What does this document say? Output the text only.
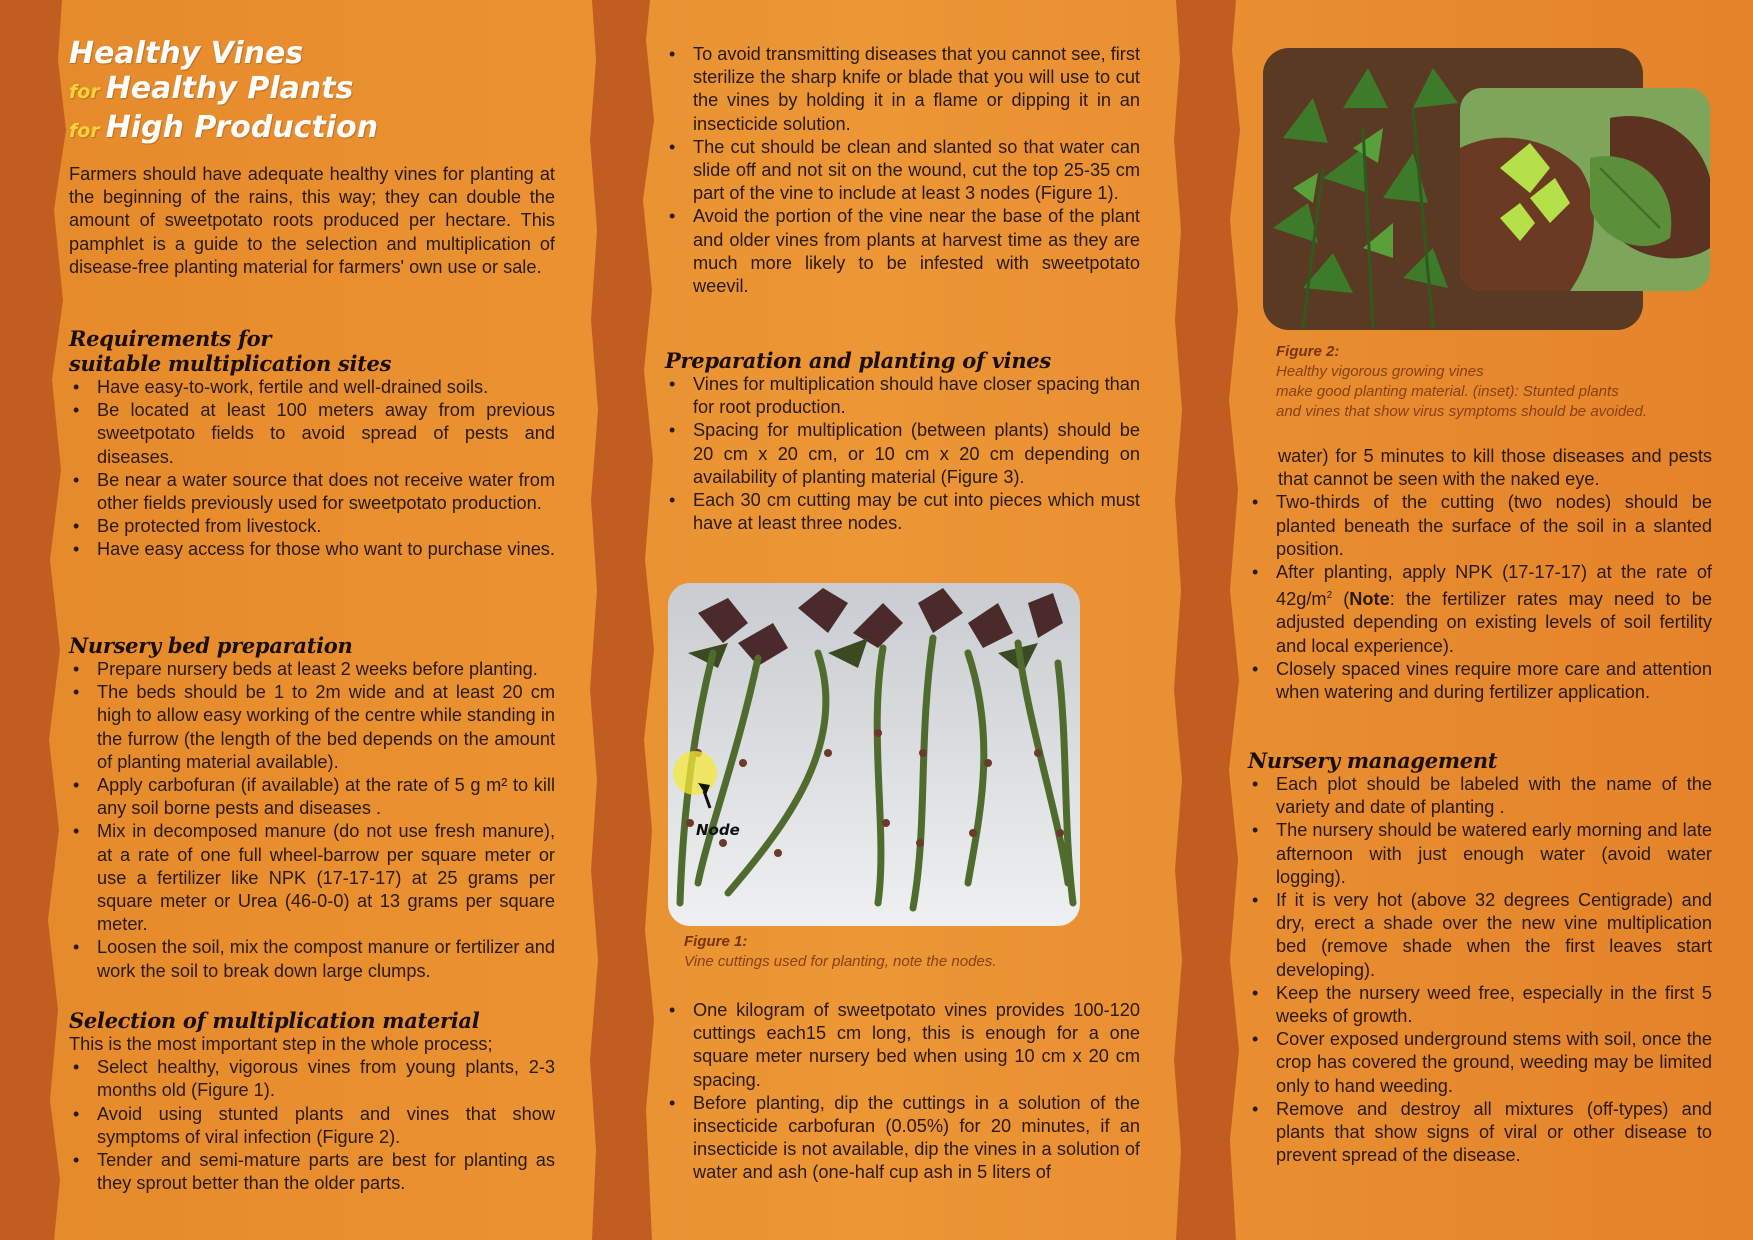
Healthy Vines
for Healthy Plants
for High Production

Farmers should have adequate healthy vines for planting at the beginning of the rains, this way; they can double the amount of sweetpotato roots produced per hectare. This pamphlet is a guide to the selection and multiplication of disease-free planting material for farmers' own use or sale.

Requirements for
suitable multiplication sites
• Have easy-to-work, fertile and well-drained soils.
• Be located at least 100 meters away from previous sweetpotato fields to avoid spread of pests and diseases.
• Be near a water source that does not receive water from other fields previously used for sweetpotato production.
• Be protected from livestock.
• Have easy access for those who want to purchase vines.
Nursery bed preparation
• Prepare nursery beds at least 2 weeks before planting.
• The beds should be 1 to 2m wide and at least 20 cm high to allow easy working of the centre while standing in the furrow (the length of the bed depends on the amount of planting material available).
• Apply carbofuran (if available) at the rate of 5 g m² to kill any soil borne pests and diseases .
• Mix in decomposed manure (do not use fresh manure), at a rate of one full wheel-barrow per square meter or use a fertilizer like NPK (17-17-17) at 25 grams per square meter or Urea (46-0-0) at 13 grams per square meter.
• Loosen the soil, mix the compost manure or fertilizer and work the soil to break down large clumps.
Selection of multiplication material

This is the most important step in the whole process;

• Select healthy, vigorous vines from young plants, 2-3 months old (Figure 1).
• Avoid using stunted plants and vines that show symptoms of viral infection (Figure 2).
• Tender and semi-mature parts are best for planting as they sprout better than the older parts.
• To avoid transmitting diseases that you cannot see, first sterilize the sharp knife or blade that you will use to cut the vines by holding it in a flame or dipping it in an insecticide solution.
• The cut should be clean and slanted so that water can slide off and not sit on the wound, cut the top 25-35 cm part of the vine to include at least 3 nodes (Figure 1).
• Avoid the portion of the vine near the base of the plant and older vines from plants at harvest time as they are much more likely to be infested with sweetpotato weevil.
Preparation and planting of vines
• Vines for multiplication should have closer spacing than for root production.
• Spacing for multiplication (between plants) should be 20 cm x 20 cm, or 10 cm x 20 cm depending on availability of planting material (Figure 3).
• Each 30 cm cutting may be cut into pieces which must have at least three nodes.
Node
Figure 1:
Vine cuttings used for planting, note the nodes.
• One kilogram of sweetpotato vines provides 100-120 cuttings each15 cm long, this is enough for a one square meter nursery bed when using 10 cm x 20 cm spacing.
• Before planting, dip the cuttings in a solution of the insecticide carbofuran (0.05%) for 20 minutes, if an insecticide is not available, dip the vines in a solution of water and ash (one-half cup ash in 5 liters of
Figure 2:
Healthy vigorous growing vines
make good planting material. (inset): Stunted plants
and vines that show virus symptoms should be avoided.

water) for 5 minutes to kill those diseases and pests that cannot be seen with the naked eye.

• Two-thirds of the cutting (two nodes) should be planted beneath the surface of the soil in a slanted position.
• After planting, apply NPK (17-17-17) at the rate of $42g/m^2$ (Note: the fertilizer rates may need to be adjusted depending on existing levels of soil fertility and local experience).
• Closely spaced vines require more care and attention when watering and during fertilizer application.
Nursery management
• Each plot should be labeled with the name of the variety and date of planting .
• The nursery should be watered early morning and late afternoon with just enough water (avoid water logging).
• If it is very hot (above 32 degrees Centigrade) and dry, erect a shade over the new vine multiplication bed (remove shade when the first leaves start developing).
• Keep the nursery weed free, especially in the first 5 weeks of growth.
• Cover exposed underground stems with soil, once the crop has covered the ground, weeding may be limited only to hand weeding.
• Remove and destroy all mixtures (off-types) and plants that show signs of viral or other disease to prevent spread of the disease.
